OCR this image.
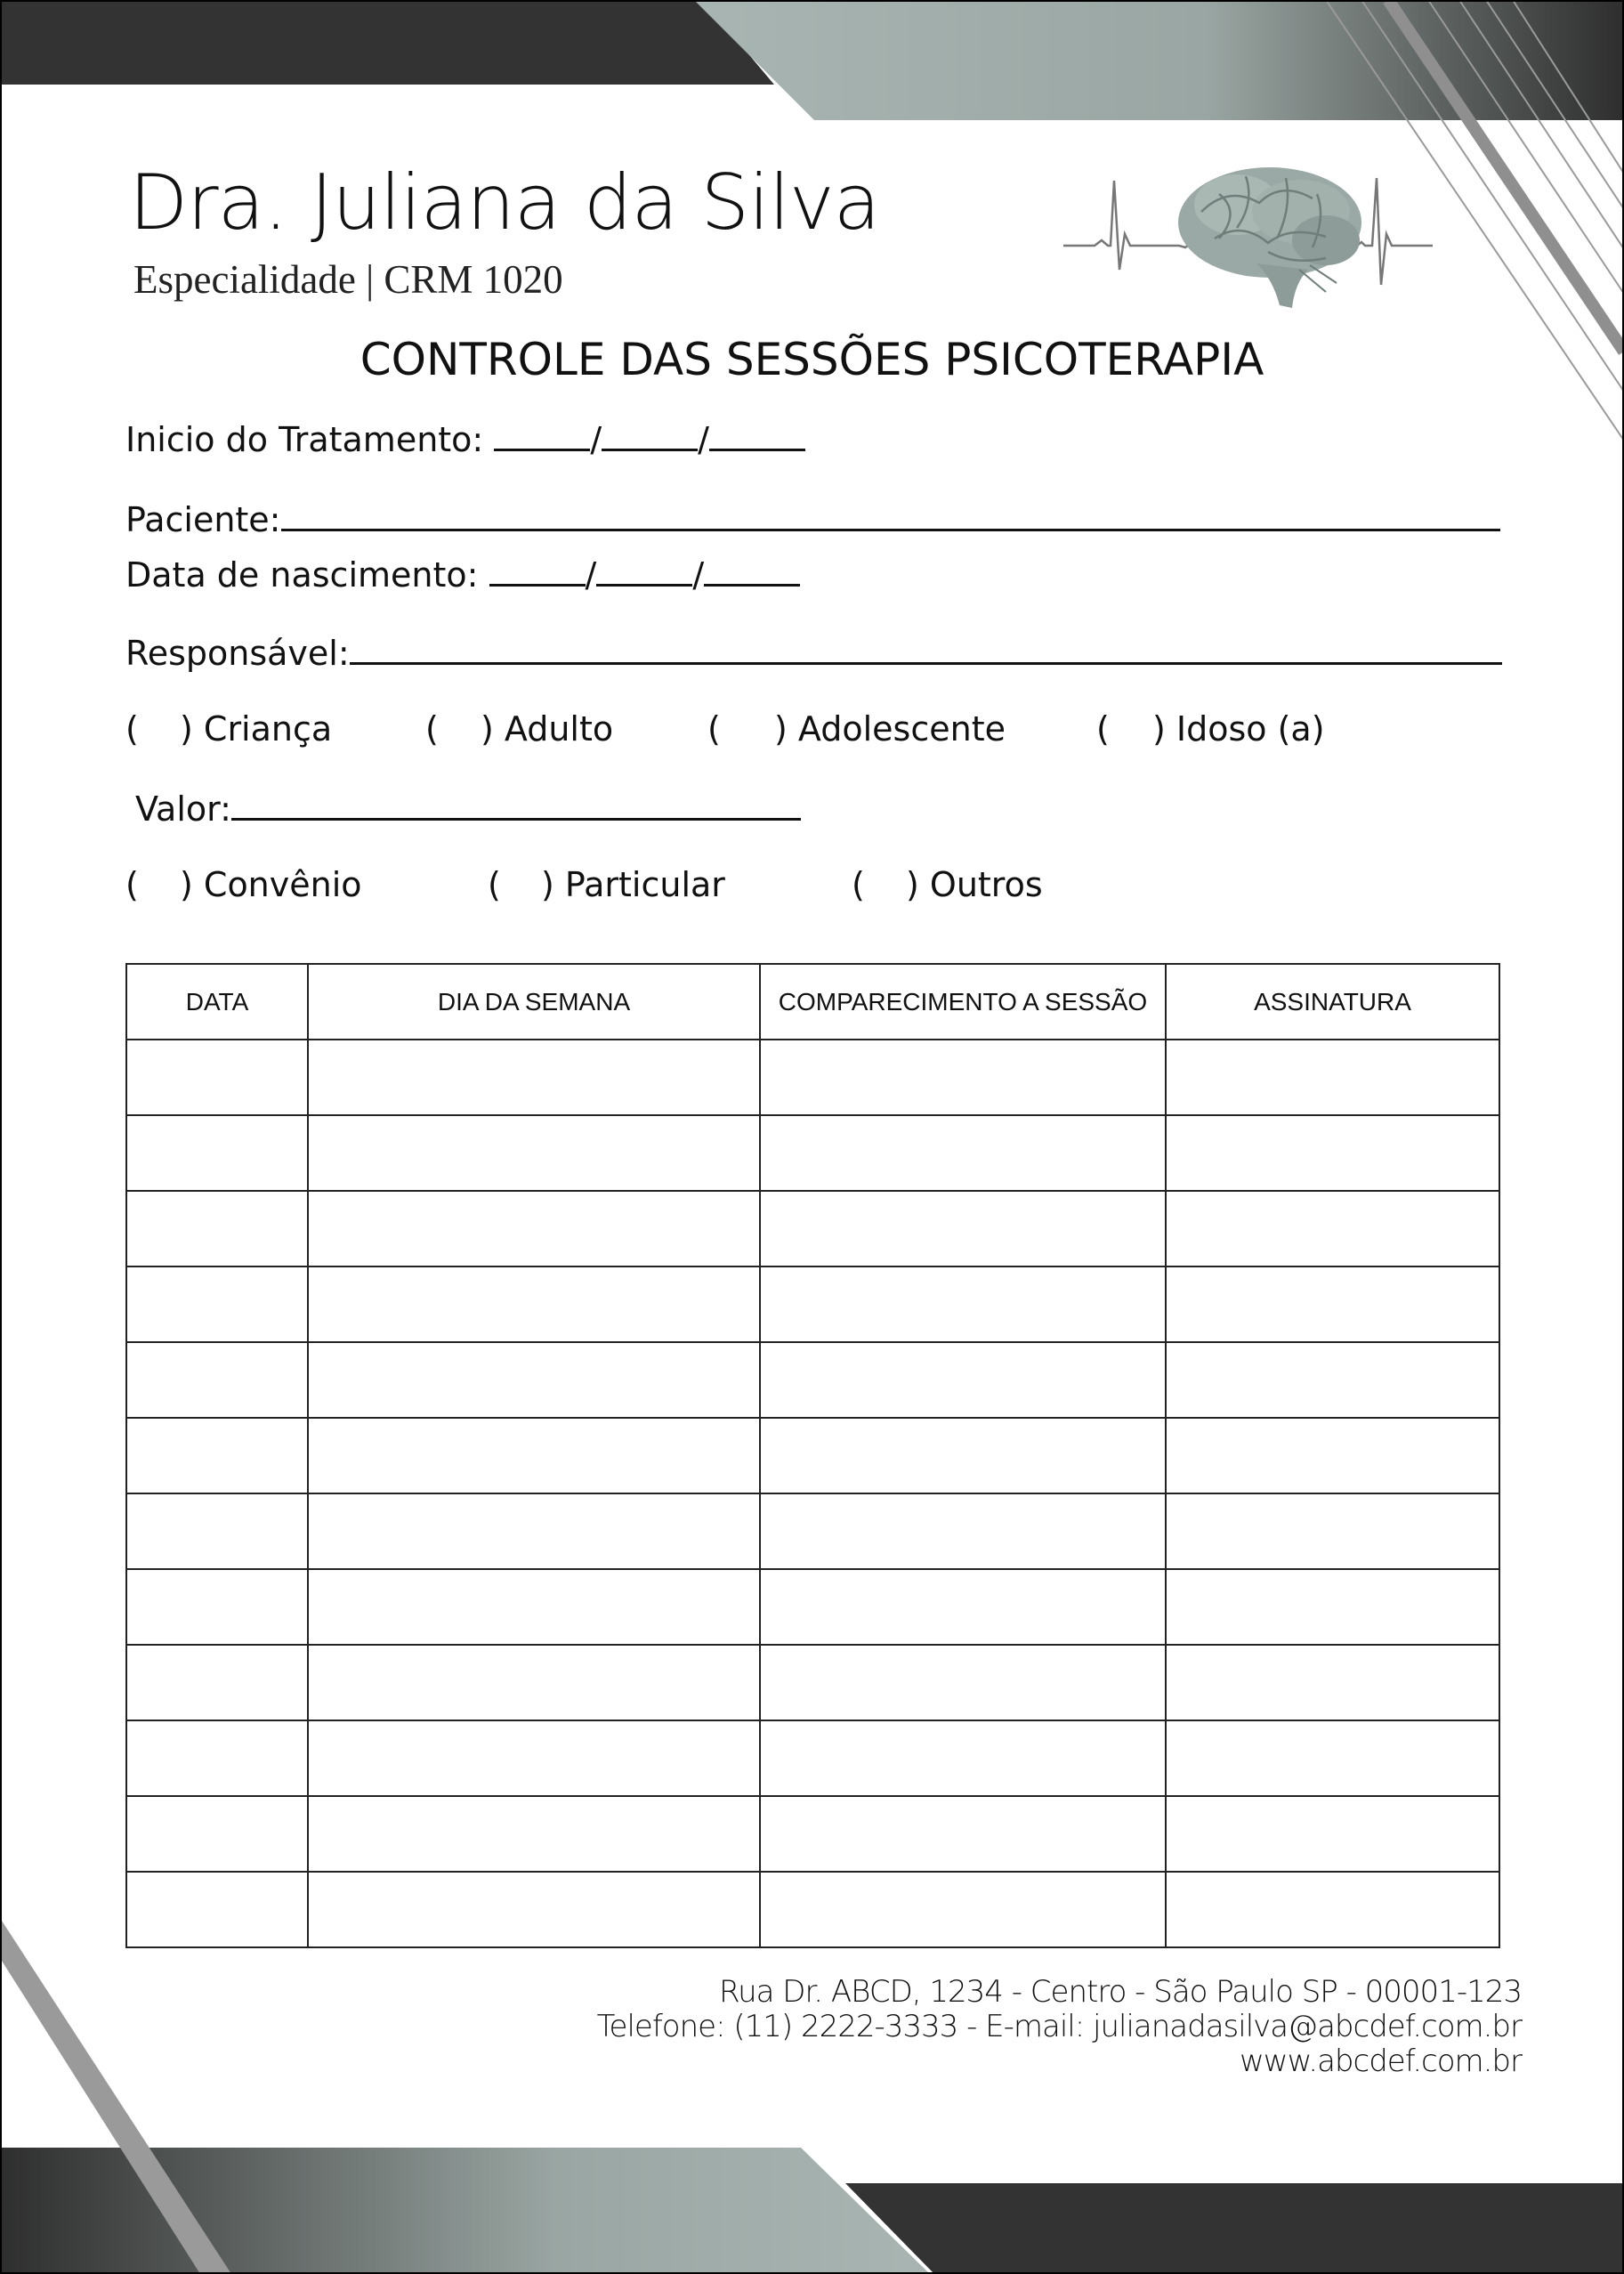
Dra. Juliana da Silva
Especialidade | CRM 1020
CONTROLE DAS SESSÕES PSICOTERAPIA
Inicio do Tratamento:	/	/
Paciente:
Data de nascimento:	/	/
Responsável:
( ) Criança	( ) Adulto	( ) Adolescente	( ) Idoso (a)
Valor:
( ) Convênio	( ) Particular	( ) Outros
DATA	DIA DA SEMANA	COMPARECIMENTO A SESSÃO	ASSINATURA

Rua Dr. ABCD, 1234 - Centro - São Paulo SP - 00001-123
Telefone: (11) 2222-3333 - E-mail: julianadasilva@abcdef.com.br
www.abcdef.com.br
